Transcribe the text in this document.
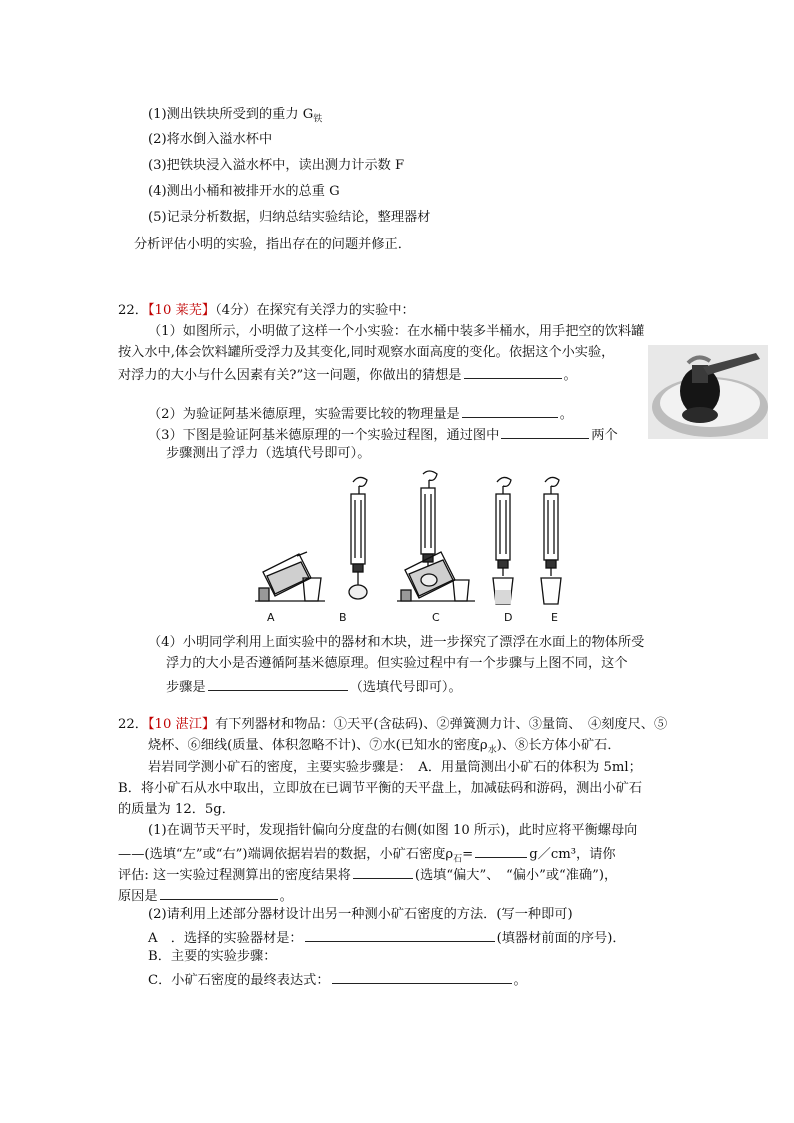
(1)测出铁块所受到的重力 $G_铁$
(2)将水倒入溢水杯中
(3)把铁块浸入溢水杯中，读出测力计示数 F
(4)测出小桶和被排开水的总重 G
(5)记录分析数据，归纳总结实验结论，整理器材
分析评估小明的实验，指出存在的问题并修正．
22．【10 莱芜】（4分）在探究有关浮力的实验中：
（1）如图所示，小明做了这样一个小实验：在水桶中装多半桶水，用手把空的饮料罐
按入水中,体会饮料罐所受浮力及其变化,同时观察水面高度的变化。依据这个小实验，
对浮力的大小与什么因素有关?”这一问题，你做出的猜想是	。
（2）为验证阿基米德原理，实验需要比较的物理量是	。
（3）下图是验证阿基米德原理的一个实验过程图，通过图中	两个
步骤测出了浮力（选填代号即可）。
A	B	C	D	E
（4）小明同学利用上面实验中的器材和木块，进一步探究了漂浮在水面上的物体所受
浮力的大小是否遵循阿基米德原理。但实验过程中有一个步骤与上图不同，这个
步骤是	（选填代号即可）。
22．【10 湛江】有下列器材和物品：①天平(含砝码)、②弹簧测力计、③量筒、　④刻度尺、⑤
烧杯、⑥细线(质量、体积忽略不计)、⑦水(已知水的密度$\rho_水$)、⑧长方体小矿石．
岩岩同学测小矿石的密度，主要实验步骤是：　A．用量筒测出小矿石的体积为 5ml；
B．将小矿石从水中取出，立即放在已调节平衡的天平盘上，加减砝码和游码，测出小矿石
的质量为 12．5g．
(1)在调节天平时，发现指针偏向分度盘的右侧(如图 10 所示)，此时应将平衡螺母向
——(选填“左”或“右”)端调依据岩岩的数据，小矿石密度$\rho_石=$	g／cm³，请你
评估: 这一实验过程测算出的密度结果将	(选填“偏大”、　“偏小”或“准确”)，
原因是	。
(2)请利用上述部分器材设计出另一种测小矿石密度的方法．(写一种即可)
A　．选择的实验器材是：	(填器材前面的序号)．
B．主要的实验步骤：
C．小矿石密度的最终表达式：	。
